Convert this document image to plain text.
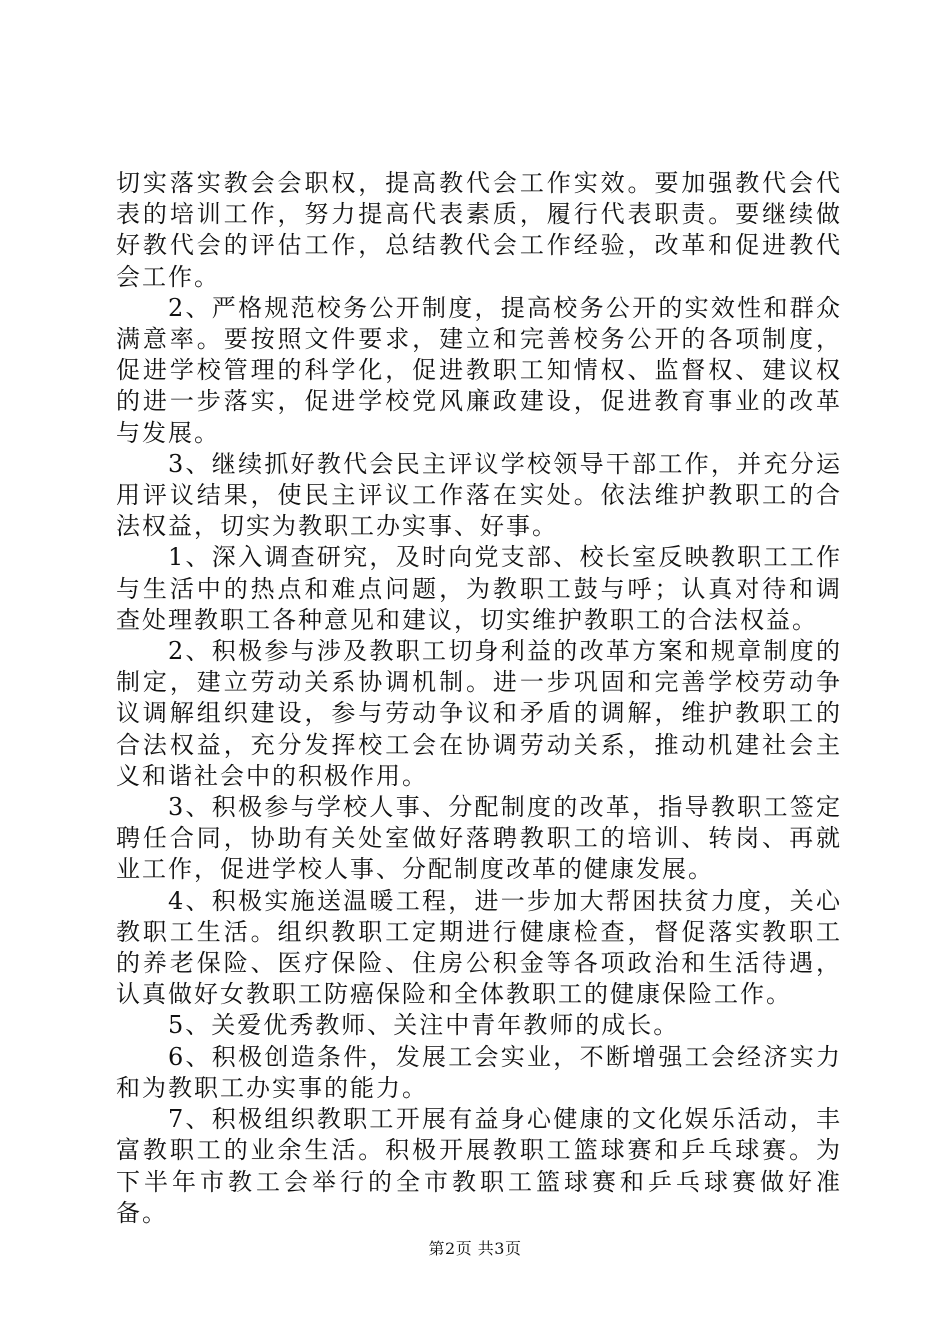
切实落实教会会职权，提高教代会工作实效。要加强教代会代表的培训工作，努力提高代表素质，履行代表职责。要继续做好教代会的评估工作，总结教代会工作经验，改革和促进教代会工作。

2、严格规范校务公开制度，提高校务公开的实效性和群众满意率。要按照文件要求，建立和完善校务公开的各项制度，促进学校管理的科学化，促进教职工知情权、监督权、建议权的进一步落实，促进学校党风廉政建设，促进教育事业的改革与发展。

3、继续抓好教代会民主评议学校领导干部工作，并充分运用评议结果，使民主评议工作落在实处。依法维护教职工的合法权益，切实为教职工办实事、好事。

1、深入调查研究，及时向党支部、校长室反映教职工工作与生活中的热点和难点问题，为教职工鼓与呼；认真对待和调查处理教职工各种意见和建议，切实维护教职工的合法权益。

2、积极参与涉及教职工切身利益的改革方案和规章制度的制定，建立劳动关系协调机制。进一步巩固和完善学校劳动争议调解组织建设，参与劳动争议和矛盾的调解，维护教职工的合法权益，充分发挥校工会在协调劳动关系，推动机建社会主义和谐社会中的积极作用。

3、积极参与学校人事、分配制度的改革，指导教职工签定聘任合同，协助有关处室做好落聘教职工的培训、转岗、再就业工作，促进学校人事、分配制度改革的健康发展。

4、积极实施送温暖工程，进一步加大帮困扶贫力度，关心教职工生活。组织教职工定期进行健康检查，督促落实教职工的养老保险、医疗保险、住房公积金等各项政治和生活待遇，认真做好女教职工防癌保险和全体教职工的健康保险工作。

5、关爱优秀教师、关注中青年教师的成长。

6、积极创造条件，发展工会实业，不断增强工会经济实力和为教职工办实事的能力。

7、积极组织教职工开展有益身心健康的文化娱乐活动，丰富教职工的业余生活。积极开展教职工篮球赛和乒乓球赛。为下半年市教工会举行的全市教职工篮球赛和乒乓球赛做好准备。

第2页 共3页
